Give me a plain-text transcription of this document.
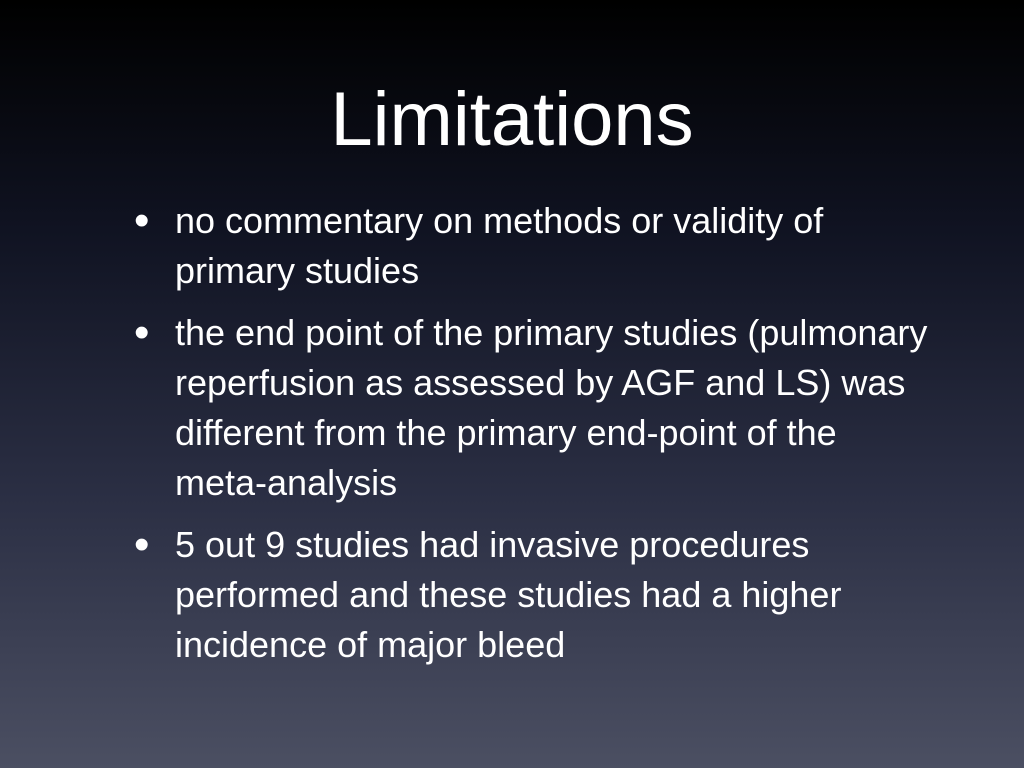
Limitations
• no commentary on methods or validity of primary studies
• the end point of the primary studies (pulmonary reperfusion as assessed by AGF and LS) was different from the primary end-point of the meta-analysis
• 5 out 9 studies had invasive procedures performed and these studies had a higher incidence of major bleed
